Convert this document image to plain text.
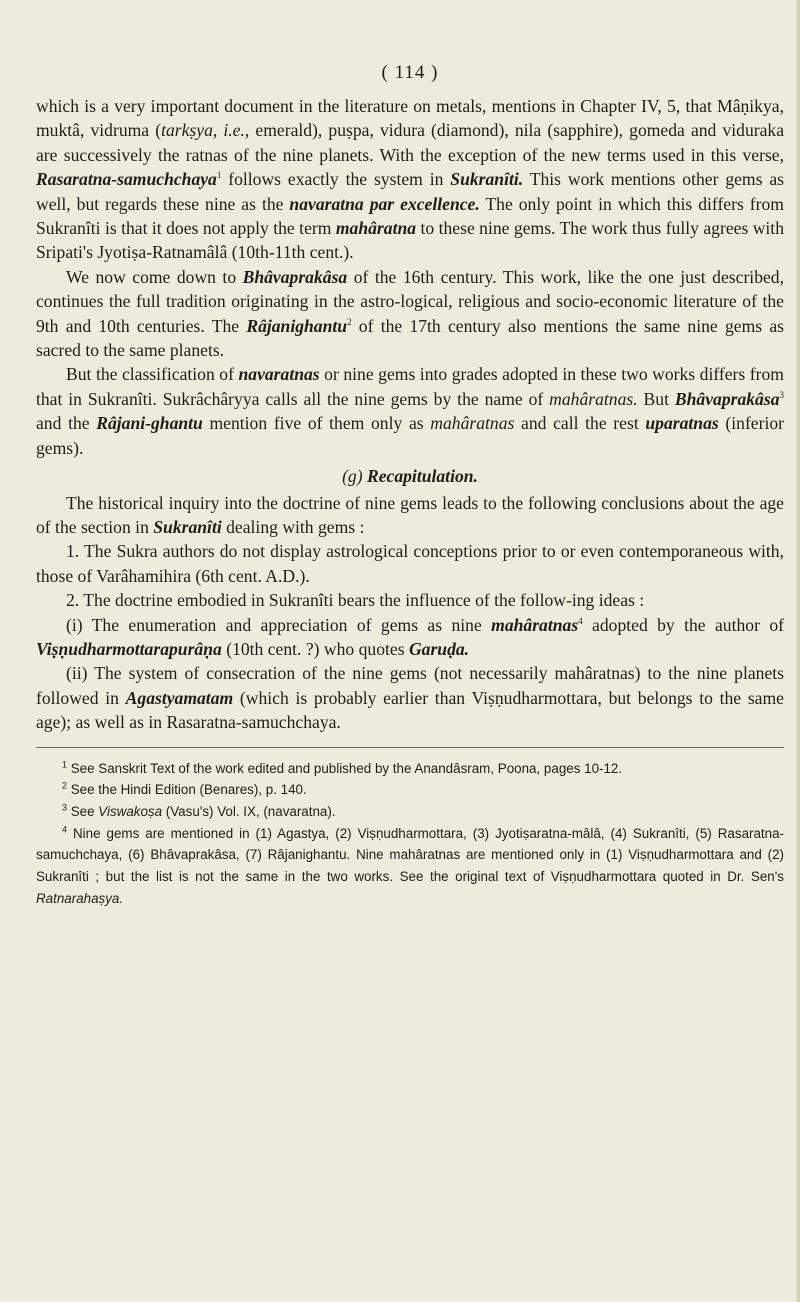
( 114 )

which is a very important document in the literature on metals, mentions in Chapter IV, 5, that Mâṇikya, muktâ, vidruma (tarkṣya, i.e., emerald), puṣpa, vidura (diamond), nila (sapphire), gomeda and viduraka are successively the ratnas of the nine planets. With the exception of the new terms used in this verse, Rasaratna-samuchchaya$^1$ follows exactly the system in Sukranîti. This work mentions other gems as well, but regards these nine as the navaratna par excellence. The only point in which this differs from Sukranîti is that it does not apply the term mahâratna to these nine gems. The work thus fully agrees with Sripati's Jyotiṣa-Ratnamâlâ (10th-11th cent.).

We now come down to Bhâvaprakâsa of the 16th century. This work, like the one just described, continues the full tradition originating in the astro-logical, religious and socio-economic literature of the 9th and 10th centuries. The Râjanighantu$^2$ of the 17th century also mentions the same nine gems as sacred to the same planets.

But the classification of navaratnas or nine gems into grades adopted in these two works differs from that in Sukranîti. Sukrâchâryya calls all the nine gems by the name of mahâratnas. But Bhâvaprakâsa$^3$ and the Râjani-ghantu mention five of them only as mahâratnas and call the rest uparatnas (inferior gems).

(g) Recapitulation.

The historical inquiry into the doctrine of nine gems leads to the following conclusions about the age of the section in Sukranîti dealing with gems :

1. The Sukra authors do not display astrological conceptions prior to or even contemporaneous with, those of Varâhamihira (6th cent. A.D.).

2. The doctrine embodied in Sukranîti bears the influence of the follow-ing ideas :

(i) The enumeration and appreciation of gems as nine mahâratnas$^4$ adopted by the author of Viṣṇudharmottarapurâṇa (10th cent. ?) who quotes Garuḍa.

(ii) The system of consecration of the nine gems (not necessarily mahâratnas) to the nine planets followed in Agastyamatam (which is probably earlier than Viṣṇudharmottara, but belongs to the same age); as well as in Rasaratna-samuchchaya.

$^1$ See Sanskrit Text of the work edited and published by the Anandâsram, Poona, pages 10-12.

$^2$ See the Hindi Edition (Benares), p. 140.

$^3$ See Viswakoṣa (Vasu's) Vol. IX, (navaratna).

$^4$ Nine gems are mentioned in (1) Agastya, (2) Viṣṇudharmottara, (3) Jyotiṣaratna-mâlâ, (4) Sukranîti, (5) Rasaratna-samuchchaya, (6) Bhâvaprakâsa, (7) Râjanighantu. Nine mahâratnas are mentioned only in (1) Viṣṇudharmottara and (2) Sukranîti ; but the list is not the same in the two works. See the original text of Viṣṇudharmottara quoted in Dr. Sen's Ratnarahaṣya.
